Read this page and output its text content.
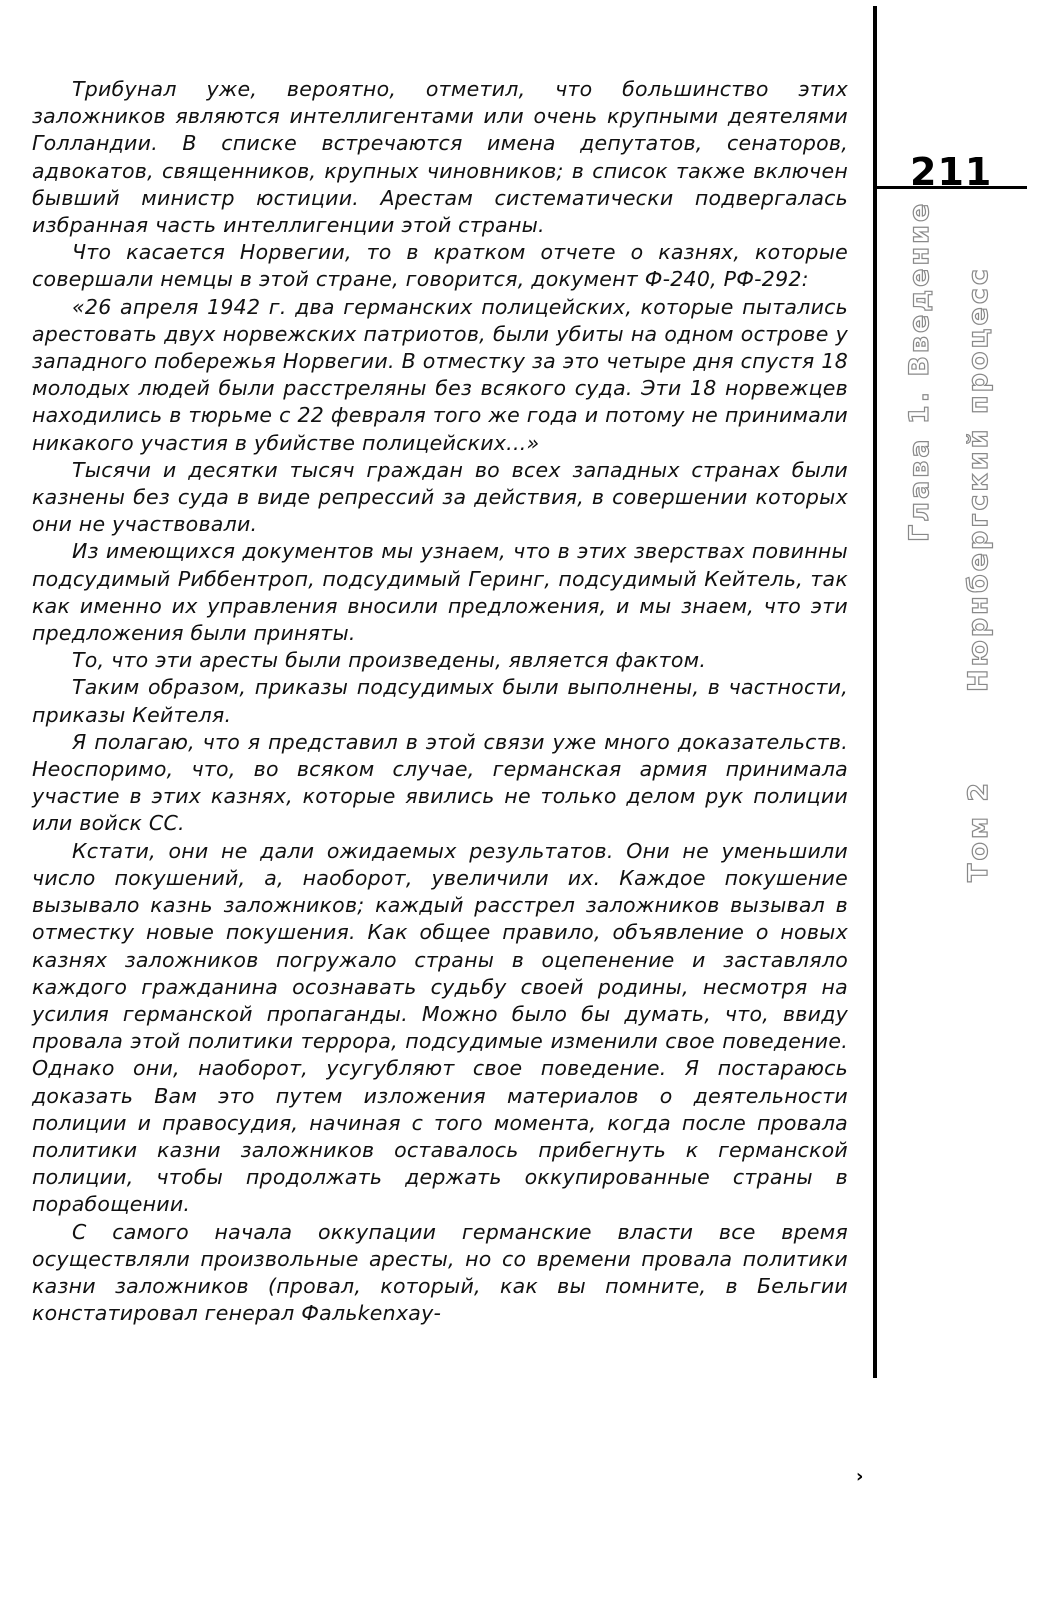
211
Глава 1. Введение Нюрнбергский процесс
Том 2

Трибунал уже, вероятно, отметил, что большинство этих заложников являются интеллигентами или очень крупными деятелями Голландии. В списке встречаются имена депутатов, сенаторов, адвокатов, священников, крупных чиновников; в список также включен бывший министр юстиции. Арестам систематически подвергалась избранная часть интеллигенции этой страны.

Что касается Норвегии, то в кратком отчете о казнях, которые совершали немцы в этой стране, говорится, документ Ф-240, РФ-292:

«26 апреля 1942 г. два германских полицейских, которые пытались арестовать двух норвежских патриотов, были убиты на одном острове у западного побережья Норвегии. В отместку за это четыре дня спустя 18 молодых людей были расстреляны без всякого суда. Эти 18 норвежцев находились в тюрьме с 22 февраля того же года и потому не принимали никакого участия в убийстве полицейских...»

Тысячи и десятки тысяч граждан во всех западных странах были казнены без суда в виде репрессий за действия, в совершении которых они не участвовали.

Из имеющихся документов мы узнаем, что в этих зверствах повинны подсудимый Риббентроп, подсудимый Геринг, подсудимый Кейтель, так как именно их управления вносили предложения, и мы знаем, что эти предложения были приняты.

То, что эти аресты были произведены, является фактом.

Таким образом, приказы подсудимых были выполнены, в частности, приказы Кейтеля.

Я полагаю, что я представил в этой связи уже много доказательств. Неоспоримо, что, во всяком случае, германская армия принимала участие в этих казнях, которые явились не только делом рук полиции или войск СС.

Кстати, они не дали ожидаемых результатов. Они не уменьшили число покушений, а, наоборот, увеличили их. Каждое покушение вызывало казнь заложников; каждый расстрел заложников вызывал в отместку новые покушения. Как общее правило, объявление о новых казнях заложников погружало страны в оцепенение и заставляло каждого гражданина осознавать судьбу своей родины, несмотря на усилия германской пропаганды. Можно было бы думать, что, ввиду провала этой политики террора, подсудимые изменили свое поведение. Однако они, наоборот, усугубляют свое поведение. Я постараюсь доказать Вам это путем изложения материалов о деятельности полиции и правосудия, начиная с того момента, когда после провала политики казни заложников оставалось прибегнуть к германской полиции, чтобы продолжать держать оккупированные страны в порабощении.

С самого начала оккупации германские власти все время осуществляли произвольные аресты, но со времени провала политики казни заложников (провал, который, как вы помните, в Бельгии констатировал генерал Фальkenхау-

›
